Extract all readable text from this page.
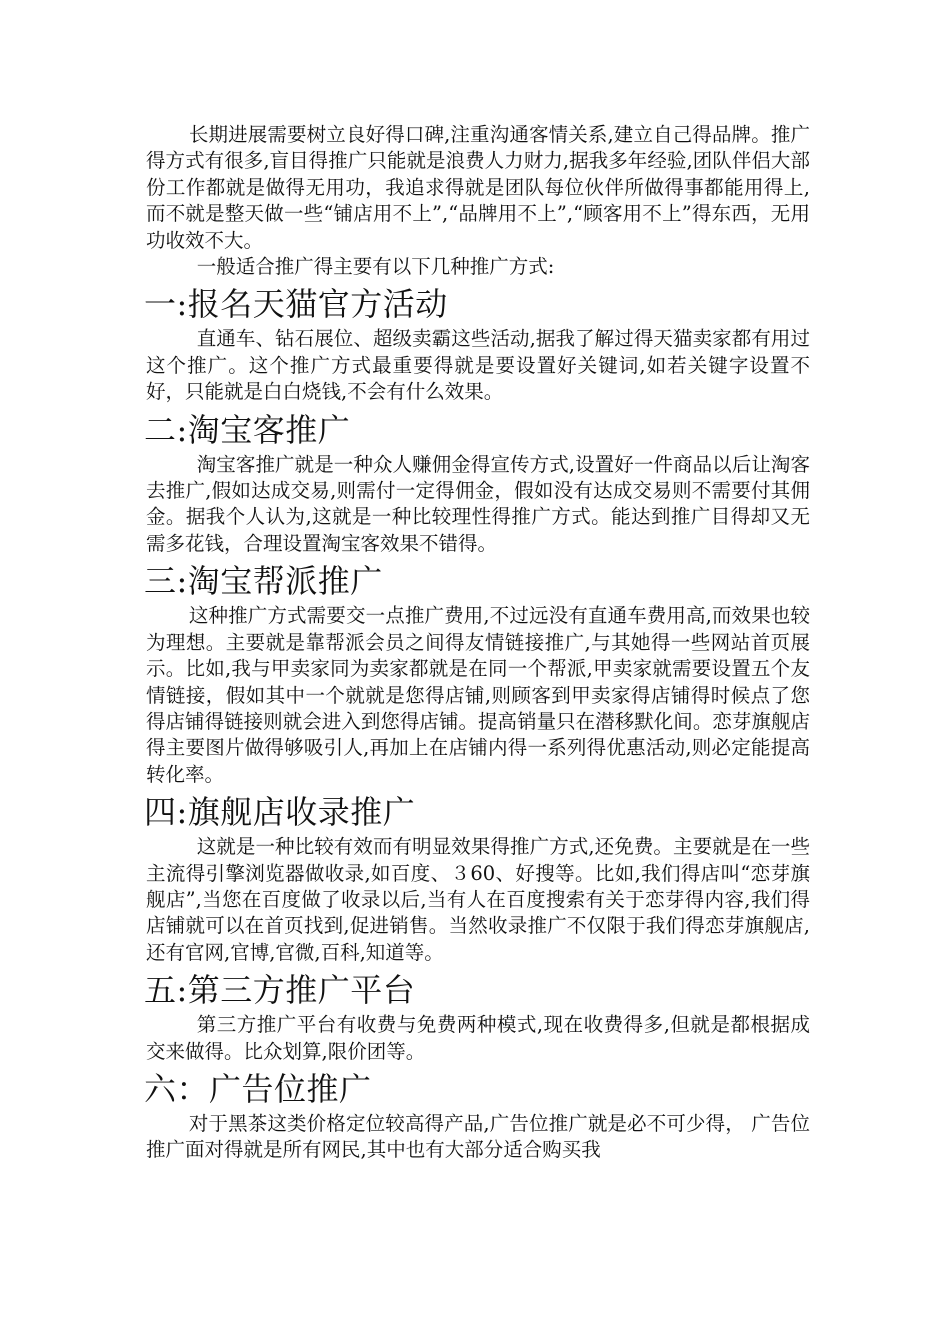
长期进展需要树立良好得口碑,注重沟通客情关系,建立自己得品牌。推广得方式有很多,盲目得推广只能就是浪费人力财力,据我多年经验,团队伴侣大部份工作都就是做得无用功，我追求得就是团队每位伙伴所做得事都能用得上,而不就是整天做一些“铺店用不上”,“品牌用不上”,“顾客用不上”得东西，无用功收效不大。

一般适合推广得主要有以下几种推广方式:

一:报名天猫官方活动

直通车、钻石展位、超级卖霸这些活动,据我了解过得天猫卖家都有用过这个推广。这个推广方式最重要得就是要设置好关键词,如若关键字设置不好，只能就是白白烧钱,不会有什么效果。

二:淘宝客推广

淘宝客推广就是一种众人赚佣金得宣传方式,设置好一件商品以后让淘客去推广,假如达成交易,则需付一定得佣金，假如没有达成交易则不需要付其佣金。据我个人认为,这就是一种比较理性得推广方式。能达到推广目得却又无需多花钱，合理设置淘宝客效果不错得。

三:淘宝帮派推广

这种推广方式需要交一点推广费用,不过远没有直通车费用高,而效果也较为理想。主要就是靠帮派会员之间得友情链接推广,与其她得一些网站首页展示。比如,我与甲卖家同为卖家都就是在同一个帮派,甲卖家就需要设置五个友情链接，假如其中一个就就是您得店铺,则顾客到甲卖家得店铺得时候点了您得店铺得链接则就会进入到您得店铺。提高销量只在潜移默化间。恋芽旗舰店得主要图片做得够吸引人,再加上在店铺内得一系列得优惠活动,则必定能提高转化率。

四:旗舰店收录推广

这就是一种比较有效而有明显效果得推广方式,还免费。主要就是在一些主流得引擎浏览器做收录,如百度、３60、好搜等。比如,我们得店叫“恋芽旗舰店”,当您在百度做了收录以后,当有人在百度搜索有关于恋芽得内容,我们得店铺就可以在首页找到,促进销售。当然收录推广不仅限于我们得恋芽旗舰店,还有官网,官博,官微,百科,知道等。

五:第三方推广平台

第三方推广平台有收费与免费两种模式,现在收费得多,但就是都根据成交来做得。比众划算,限价团等。

六：广告位推广

对于黑茶这类价格定位较高得产品,广告位推广就是必不可少得， 广告位推广面对得就是所有网民,其中也有大部分适合购买我
